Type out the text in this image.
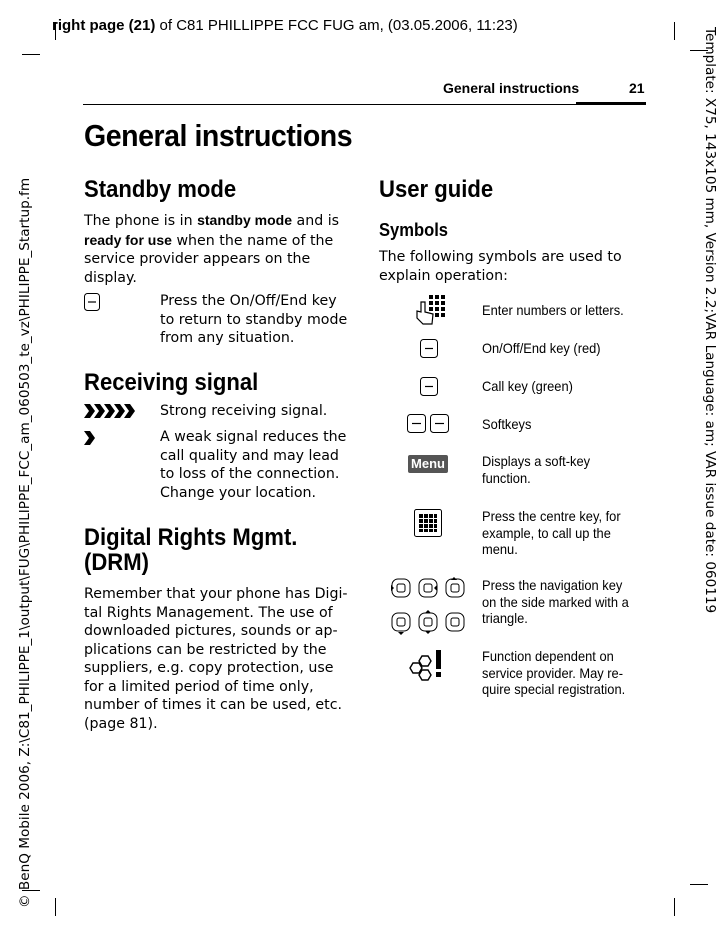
right page (21) of C81 PHILLIPPE FCC FUG am, (03.05.2006, 11:23)
© BenQ Mobile 2006, Z:\C81_PHILIPPE_1\output\FUG\PHILIPPE_FCC_am_060503_te_vz\PHILIPPE_Startup.fm	Template: X75, 143x105 mm, Version 2.2;VAR Language: am; VAR issue date: 060119
General instructions	21
General instructions
Standby mode
The phone is in standby mode and is
ready for use when the name of the service provider appears on the display.
Press the On/Off/End key to return to standby mode from any situation.
Receiving signal
Strong receiving signal.
A weak signal reduces the call quality and may lead to loss of the connection. Change your location.
Digital Rights Mgmt. (DRM)
Remember that your phone has Digi-tal Rights Management. The use of downloaded pictures, sounds or ap-plications can be restricted by the suppliers, e.g. copy protection, use for a limited period of time only, number of times it can be used, etc. (page 81).
User guide
Symbols
The following symbols are used to explain operation:
Enter numbers or letters.
On/Off/End key (red)
Call key (green)
Softkeys
Menu	Displays a soft-key function.
Press the centre key, for example, to call up the menu.
Press the navigation key on the side marked with a triangle.
Function dependent on service provider. May re-quire special registration.
